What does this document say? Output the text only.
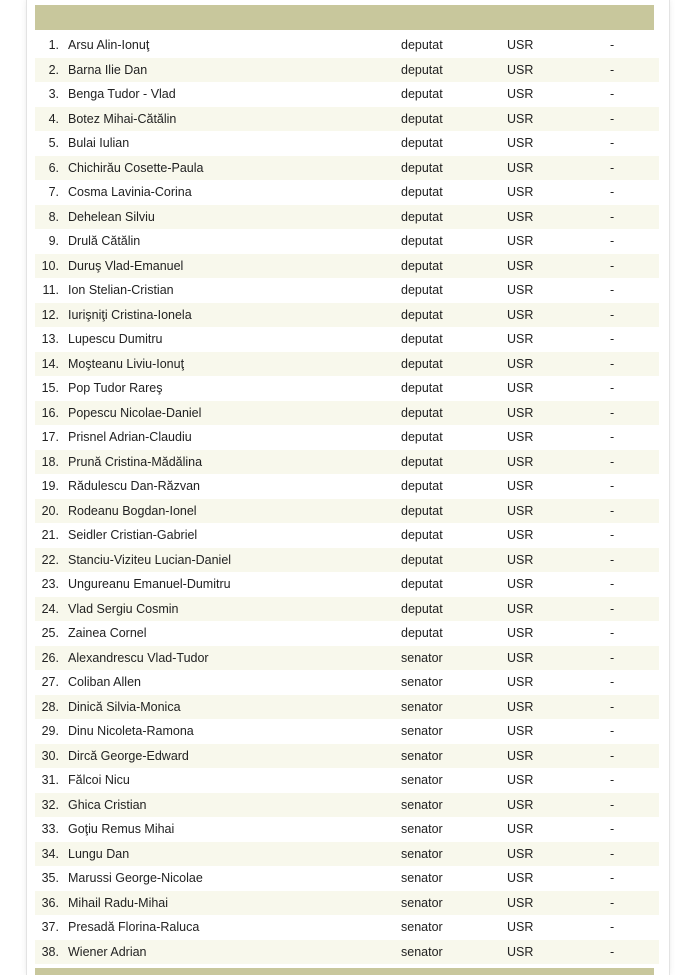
1. Arsu Alin-Ionuţ	deputat	USR	-
2. Barna Ilie Dan	deputat	USR	-
3. Benga Tudor - Vlad	deputat	USR	-
4. Botez Mihai-Cătălin	deputat	USR	-
5. Bulai Iulian	deputat	USR	-
6. Chichirău Cosette-Paula	deputat	USR	-
7. Cosma Lavinia-Corina	deputat	USR	-
8. Dehelean Silviu	deputat	USR	-
9. Drulă Cătălin	deputat	USR	-
10. Duruş Vlad-Emanuel	deputat	USR	-
11. Ion Stelian-Cristian	deputat	USR	-
12. Iurişniţi Cristina-Ionela	deputat	USR	-
13. Lupescu Dumitru	deputat	USR	-
14. Moşteanu Liviu-Ionuţ	deputat	USR	-
15. Pop Tudor Rareş	deputat	USR	-
16. Popescu Nicolae-Daniel	deputat	USR	-
17. Prisnel Adrian-Claudiu	deputat	USR	-
18. Prună Cristina-Mădălina	deputat	USR	-
19. Rădulescu Dan-Răzvan	deputat	USR	-
20. Rodeanu Bogdan-Ionel	deputat	USR	-
21. Seidler Cristian-Gabriel	deputat	USR	-
22. Stanciu-Viziteu Lucian-Daniel	deputat	USR	-
23. Ungureanu Emanuel-Dumitru	deputat	USR	-
24. Vlad Sergiu Cosmin	deputat	USR	-
25. Zainea Cornel	deputat	USR	-
26. Alexandrescu Vlad-Tudor	senator	USR	-
27. Coliban Allen	senator	USR	-
28. Dinică Silvia-Monica	senator	USR	-
29. Dinu Nicoleta-Ramona	senator	USR	-
30. Dircă George-Edward	senator	USR	-
31. Fălcoi Nicu	senator	USR	-
32. Ghica Cristian	senator	USR	-
33. Goţiu Remus Mihai	senator	USR	-
34. Lungu Dan	senator	USR	-
35. Marussi George-Nicolae	senator	USR	-
36. Mihail Radu-Mihai	senator	USR	-
37. Presadă Florina-Raluca	senator	USR	-
38. Wiener Adrian	senator	USR	-
